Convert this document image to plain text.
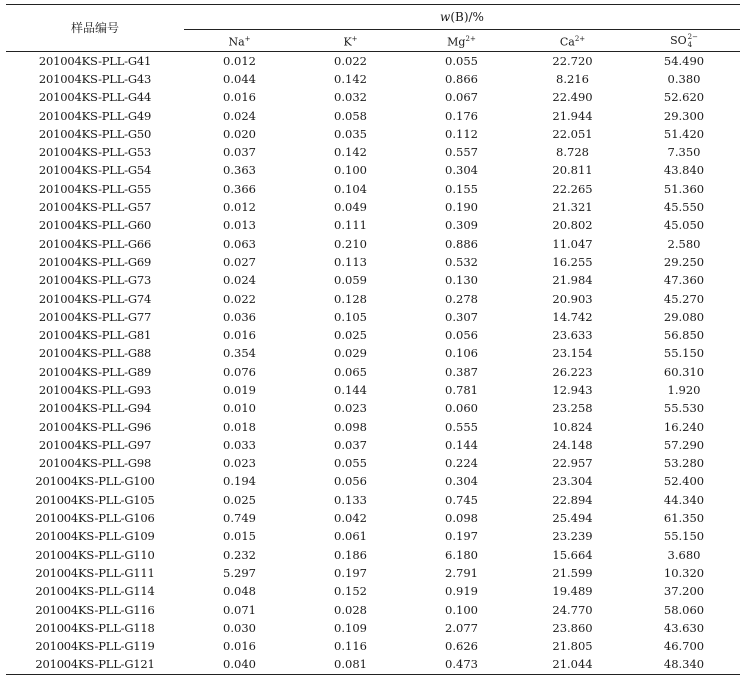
样品编号	w(B)/%				
	Na+	K+	$Mg^{2+}$	$Ca^{2+}$	SO 2−
4

201004KS-PLL-G41	0.012	0.022	0.055	22.720	54.490
201004KS-PLL-G43	0.044	0.142	0.866	8.216	0.380
201004KS-PLL-G44	0.016	0.032	0.067	22.490	52.620
201004KS-PLL-G49	0.024	0.058	0.176	21.944	29.300
201004KS-PLL-G50	0.020	0.035	0.112	22.051	51.420
201004KS-PLL-G53	0.037	0.142	0.557	8.728	7.350
201004KS-PLL-G54	0.363	0.100	0.304	20.811	43.840
201004KS-PLL-G55	0.366	0.104	0.155	22.265	51.360
201004KS-PLL-G57	0.012	0.049	0.190	21.321	45.550
201004KS-PLL-G60	0.013	0.111	0.309	20.802	45.050
201004KS-PLL-G66	0.063	0.210	0.886	11.047	2.580
201004KS-PLL-G69	0.027	0.113	0.532	16.255	29.250
201004KS-PLL-G73	0.024	0.059	0.130	21.984	47.360
201004KS-PLL-G74	0.022	0.128	0.278	20.903	45.270
201004KS-PLL-G77	0.036	0.105	0.307	14.742	29.080
201004KS-PLL-G81	0.016	0.025	0.056	23.633	56.850
201004KS-PLL-G88	0.354	0.029	0.106	23.154	55.150
201004KS-PLL-G89	0.076	0.065	0.387	26.223	60.310
201004KS-PLL-G93	0.019	0.144	0.781	12.943	1.920
201004KS-PLL-G94	0.010	0.023	0.060	23.258	55.530
201004KS-PLL-G96	0.018	0.098	0.555	10.824	16.240
201004KS-PLL-G97	0.033	0.037	0.144	24.148	57.290
201004KS-PLL-G98	0.023	0.055	0.224	22.957	53.280
201004KS-PLL-G100	0.194	0.056	0.304	23.304	52.400
201004KS-PLL-G105	0.025	0.133	0.745	22.894	44.340
201004KS-PLL-G106	0.749	0.042	0.098	25.494	61.350
201004KS-PLL-G109	0.015	0.061	0.197	23.239	55.150
201004KS-PLL-G110	0.232	0.186	6.180	15.664	3.680
201004KS-PLL-G111	5.297	0.197	2.791	21.599	10.320
201004KS-PLL-G114	0.048	0.152	0.919	19.489	37.200
201004KS-PLL-G116	0.071	0.028	0.100	24.770	58.060
201004KS-PLL-G118	0.030	0.109	2.077	23.860	43.630
201004KS-PLL-G119	0.016	0.116	0.626	21.805	46.700
201004KS-PLL-G121	0.040	0.081	0.473	21.044	48.340
